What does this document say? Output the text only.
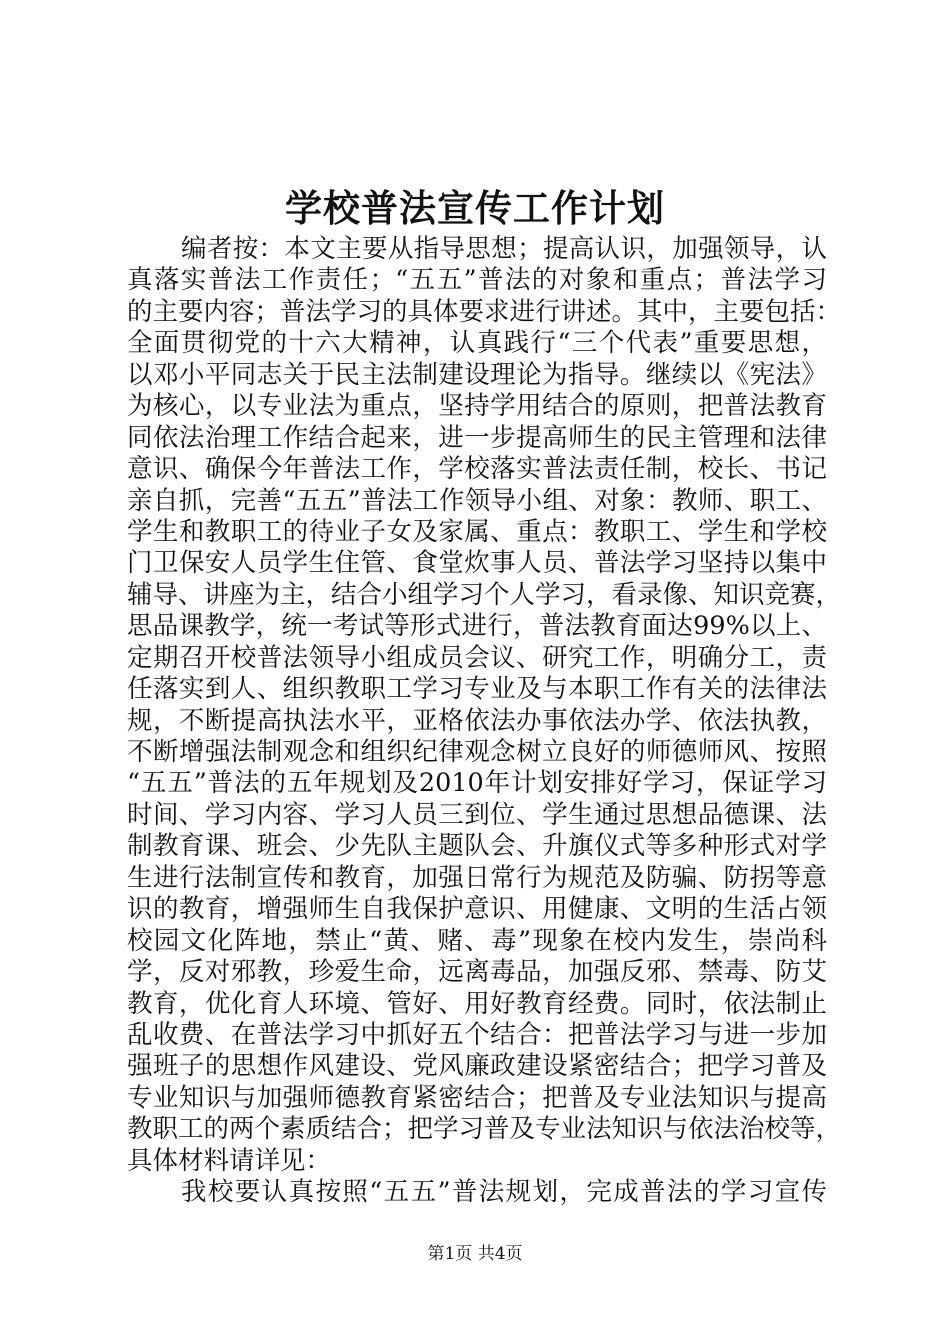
学校普法宣传工作计划
编者按：本文主要从指导思想；提高认识，加强领导，认
真落实普法工作责任；“五五”普法的对象和重点；普法学习
的主要内容；普法学习的具体要求进行讲述。其中，主要包括：
全面贯彻党的十六大精神，认真践行“三个代表”重要思想，
以邓小平同志关于民主法制建设理论为指导。继续以《宪法》
为核心，以专业法为重点，坚持学用结合的原则，把普法教育
同依法治理工作结合起来，进一步提高师生的民主管理和法律
意识、确保今年普法工作，学校落实普法责任制，校长、书记
亲自抓，完善“五五”普法工作领导小组、对象：教师、职工、
学生和教职工的待业子女及家属、重点：教职工、学生和学校
门卫保安人员学生住管、食堂炊事人员、普法学习坚持以集中
辅导、讲座为主，结合小组学习个人学习，看录像、知识竞赛，
思品课教学，统一考试等形式进行，普法教育面达99%以上、
定期召开校普法领导小组成员会议、研究工作，明确分工，责
任落实到人、组织教职工学习专业及与本职工作有关的法律法
规，不断提高执法水平，亚格依法办事依法办学、依法执教，
不断增强法制观念和组织纪律观念树立良好的师德师风、按照
“五五”普法的五年规划及2010年计划安排好学习，保证学习
时间、学习内容、学习人员三到位、学生通过思想品德课、法
制教育课、班会、少先队主题队会、升旗仪式等多种形式对学
生进行法制宣传和教育，加强日常行为规范及防骗、防拐等意
识的教育，增强师生自我保护意识、用健康、文明的生活占领
校园文化阵地，禁止“黄、赌、毒”现象在校内发生，崇尚科
学，反对邪教，珍爱生命，远离毒品，加强反邪、禁毒、防艾
教育，优化育人环境、管好、用好教育经费。同时，依法制止
乱收费、在普法学习中抓好五个结合：把普法学习与进一步加
强班子的思想作风建设、党风廉政建设紧密结合；把学习普及
专业知识与加强师德教育紧密结合；把普及专业法知识与提高
教职工的两个素质结合；把学习普及专业法知识与依法治校等，
具体材料请详见：
我校要认真按照“五五”普法规划，完成普法的学习宣传
第1页 共4页
